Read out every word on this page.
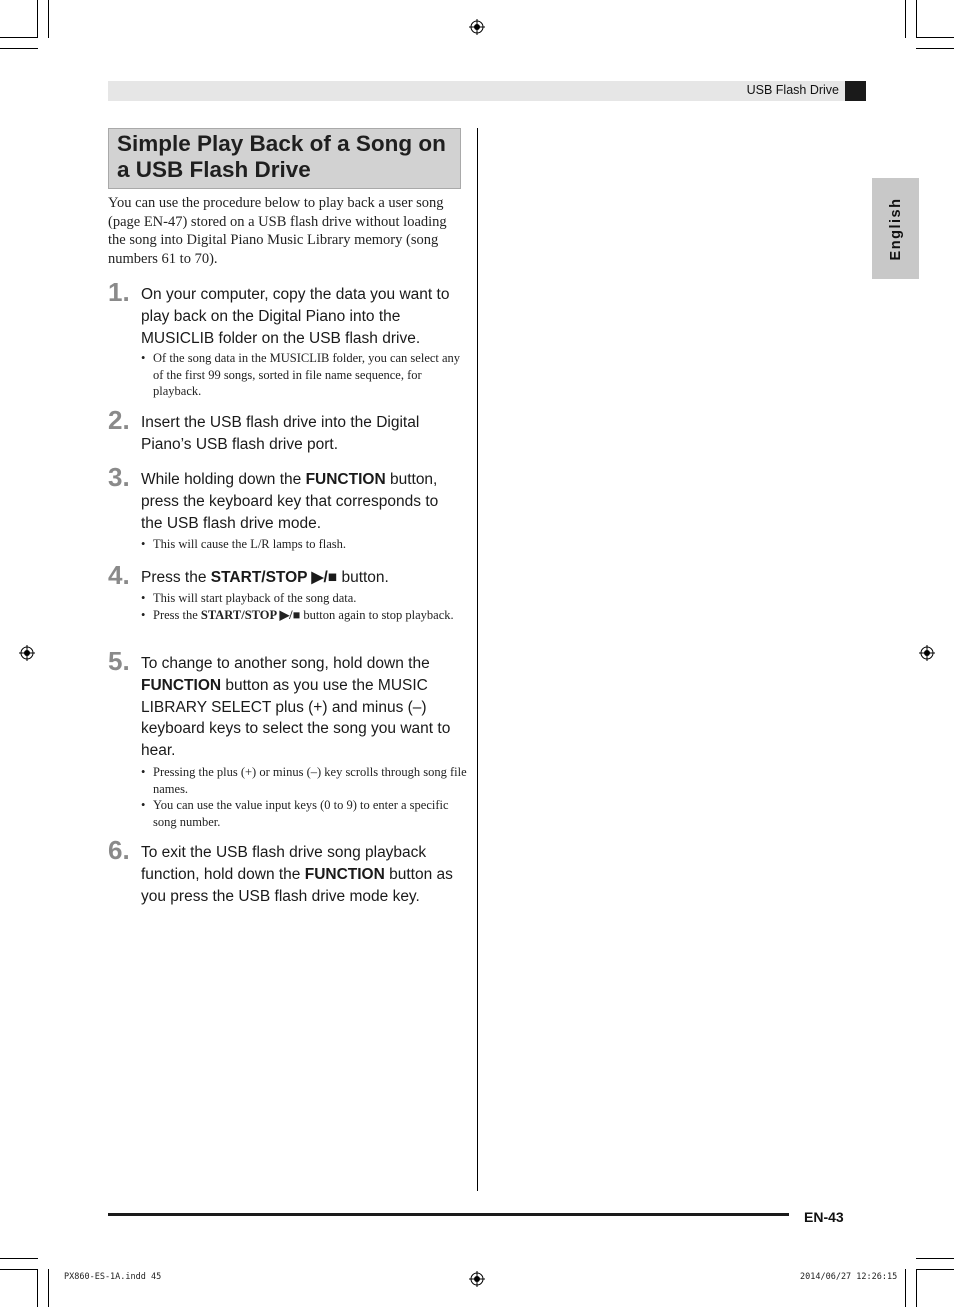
USB Flash Drive
English
Simple Play Back of a Song on
a USB Flash Drive
You can use the procedure below to play back a user song (page EN-47) stored on a USB flash drive without loading the song into Digital Piano Music Library memory (song numbers 61 to 70).
1. On your computer, copy the data you want to play back on the Digital Piano into the MUSICLIB folder on the USB flash drive.
• Of the song data in the MUSICLIB folder, you can select any of the first 99 songs, sorted in file name sequence, for playback.
2. Insert the USB flash drive into the Digital Piano’s USB flash drive port.
3. While holding down the FUNCTION button, press the keyboard key that corresponds to the USB flash drive mode.
• This will cause the L/R lamps to flash.
4. Press the START/STOP ▶/■ button.
• This will start playback of the song data.
• Press the START/STOP ▶/■ button again to stop playback.
5. To change to another song, hold down the FUNCTION button as you use the MUSIC LIBRARY SELECT plus (+) and minus (–) keyboard keys to select the song you want to hear.
• Pressing the plus (+) or minus (–) key scrolls through song file names.
• You can use the value input keys (0 to 9) to enter a specific song number.
6. To exit the USB flash drive song playback function, hold down the FUNCTION button as you press the USB flash drive mode key.
EN-43
PX860-ES-1A.indd 45	2014/06/27 12:26:15
